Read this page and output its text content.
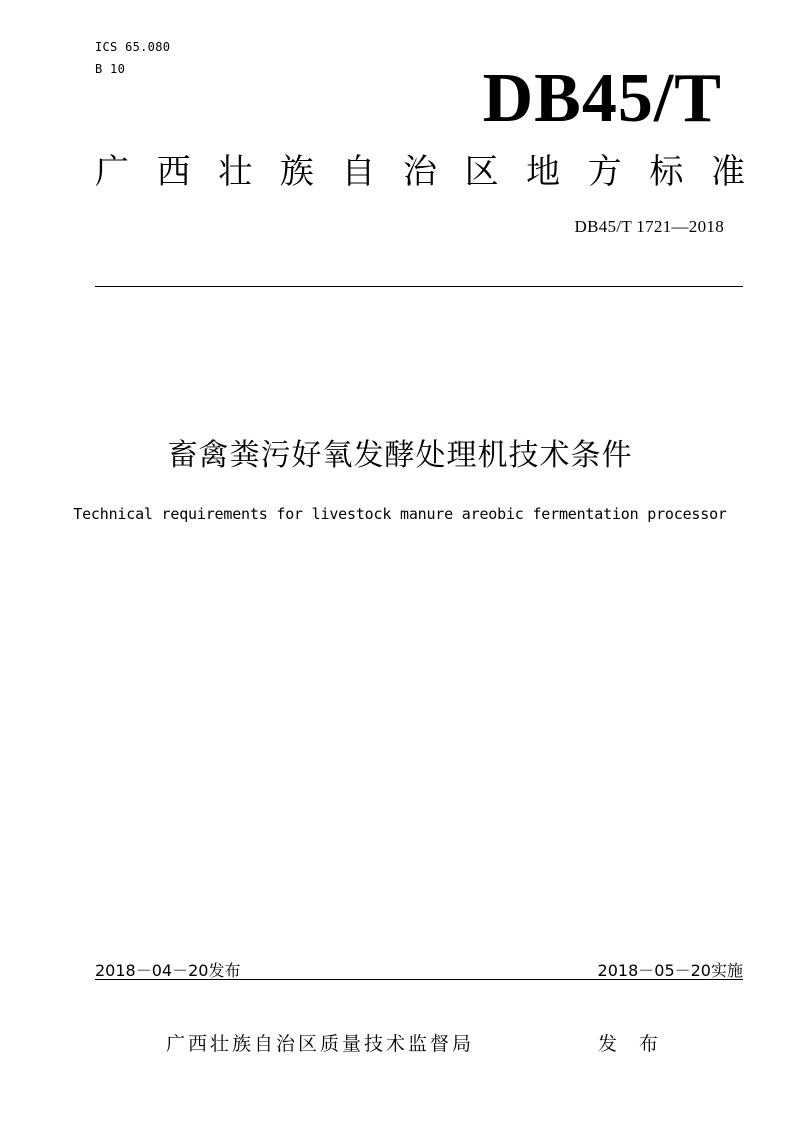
ICS 65.080
B 10	DB45/T
广 西 壮 族 自 治 区 地 方 标 准
DB45/T 1721—2018
畜禽粪污好氧发酵处理机技术条件
Technical requirements for livestock manure areobic fermentation processor
2018－04－20发布	2018－05－20实施
广西壮族自治区质量技术监督局	发 布
